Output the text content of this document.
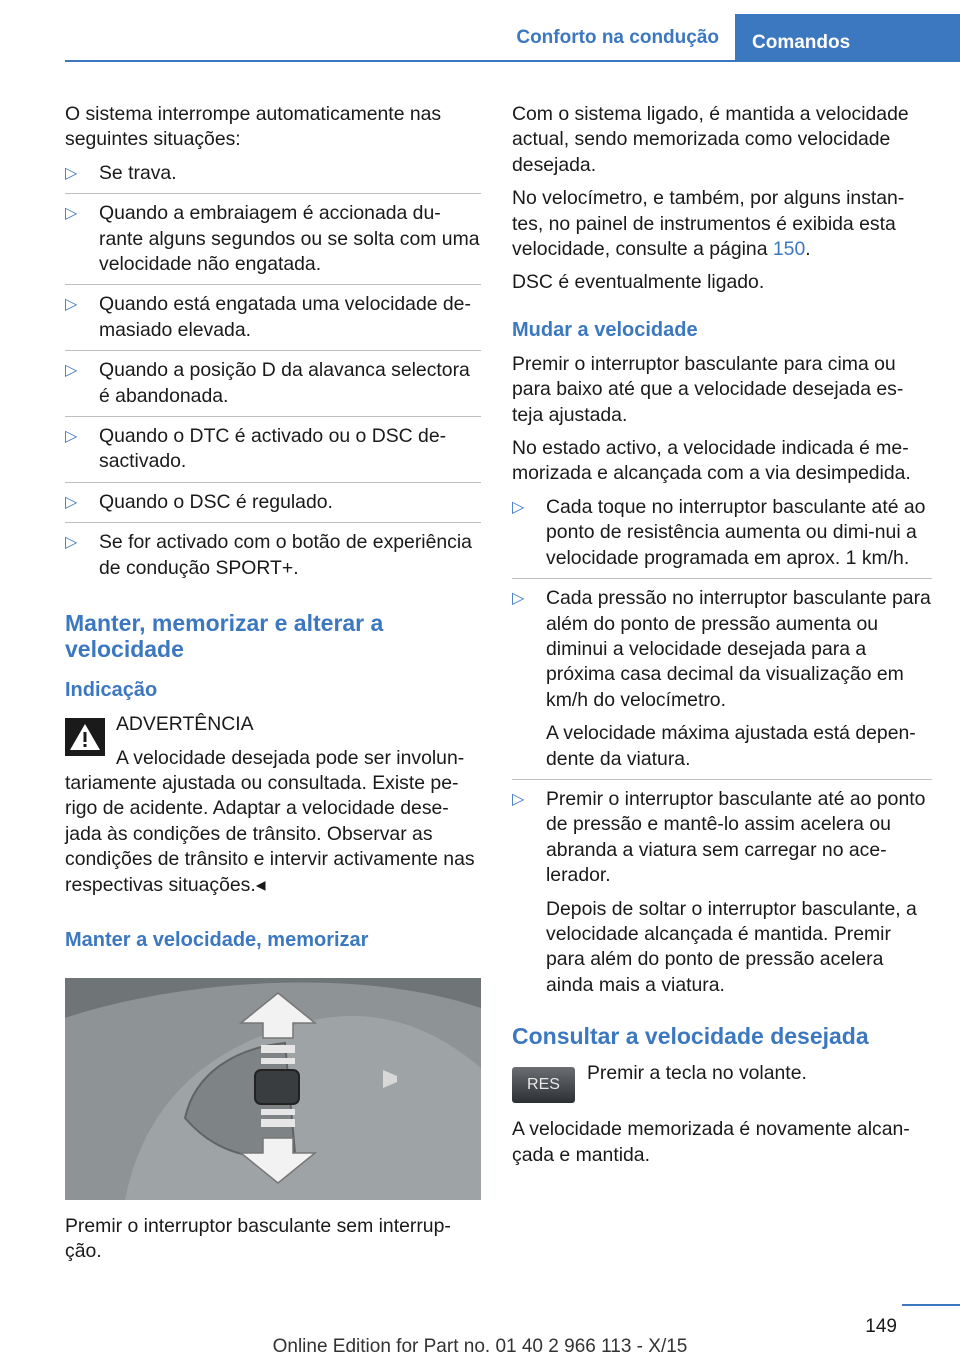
Conforto na condução	Comandos

O sistema interrompe automaticamente nas seguintes situações:

▷ Se trava.
▷ Quando a embraiagem é accionada du‐rante alguns segundos ou se solta com uma velocidade não engatada.
▷ Quando está engatada uma velocidade de‐masiado elevada.
▷ Quando a posição D da alavanca selectora é abandonada.
▷ Quando o DTC é activado ou o DSC de‐sactivado.
▷ Quando o DSC é regulado.
▷ Se for activado com o botão de experiência de condução SPORT+.
Manter, memorizar e alterar a velocidade
Indicação
ADVERTÊNCIA
A velocidade desejada pode ser involun‐
tariamente ajustada ou consultada. Existe pe‐rigo de acidente. Adaptar a velocidade dese‐jada às condições de trânsito. Observar as condições de trânsito e intervir activamente nas respectivas situações.◂
Manter a velocidade, memorizar

Premir o interruptor basculante sem interrup‐ção.

Com o sistema ligado, é mantida a velocidade actual, sendo memorizada como velocidade desejada.

No velocímetro, e também, por alguns instan‐tes, no painel de instrumentos é exibida esta velocidade, consulte a página 150.

DSC é eventualmente ligado.

Mudar a velocidade

Premir o interruptor basculante para cima ou para baixo até que a velocidade desejada es‐teja ajustada.

No estado activo, a velocidade indicada é me‐morizada e alcançada com a via desimpedida.

▷ Cada toque no interruptor basculante até ao ponto de resistência aumenta ou dimi‐nui a velocidade programada em aprox. 1 km/h.
▷ Cada pressão no interruptor basculante para além do ponto de pressão aumenta ou diminui a velocidade desejada para a próxima casa decimal da visualização em km/h do velocímetro.
A velocidade máxima ajustada está depen‐dente da viatura.
▷ Premir o interruptor basculante até ao ponto de pressão e mantê-lo assim acelera ou abranda a viatura sem carregar no ace‐lerador.
Depois de soltar o interruptor basculante, a velocidade alcançada é mantida. Premir para além do ponto de pressão acelera ainda mais a viatura.
Consultar a velocidade desejada
RES
Premir a tecla no volante.

A velocidade memorizada é novamente alcan‐çada e mantida.

149
Online Edition for Part no. 01 40 2 966 113 - X/15
